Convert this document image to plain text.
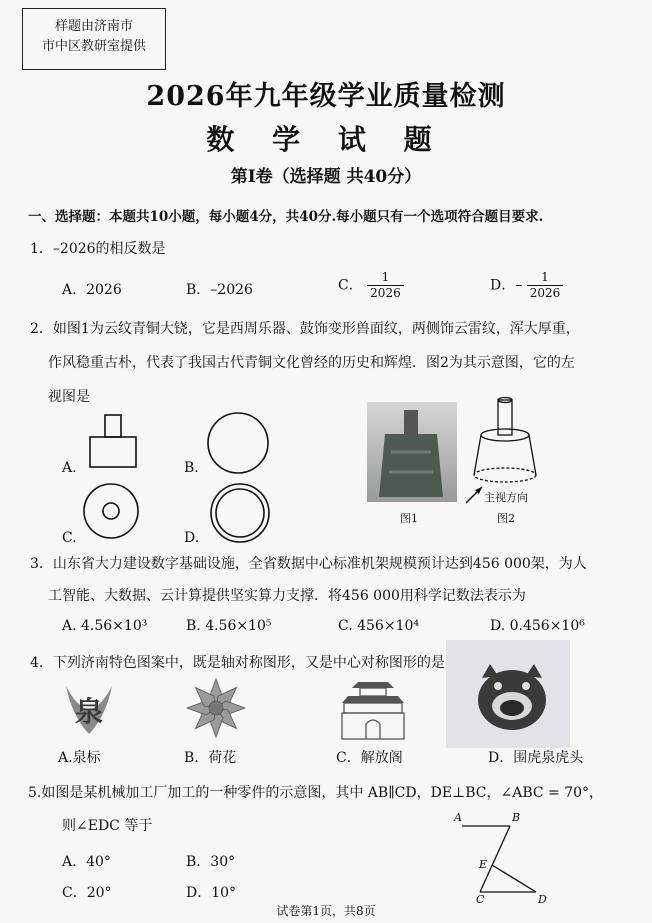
样题由济南市
市中区教研室提供
2026年九年级学业质量检测
数 学 试 题
第Ⅰ卷（选择题 共40分）
一、选择题：本题共10小题，每小题4分，共40分.每小题只有一个选项符合题目要求.
1．–2026的相反数是
A．2026	B．–2026	C． $\frac{1}{2026}$	D．– $\frac{1}{2026}$
2．如图1为云纹青铜大铙，它是西周乐器、鼓饰变形兽面纹，两侧饰云雷纹，浑大厚重，
作风稳重古朴，代表了我国古代青铜文化曾经的历史和辉煌．图2为其示意图，它的左
视图是
A.	B.
C.	D.
图1
主视方向
图2
3．山东省大力建设数字基础设施，全省数据中心标准机架规模预计达到456 000架，为人
工智能、大数据、云计算提供坚实算力支撑．将456 000用科学记数法表示为
A. 4.56×10³	B. 4.56×10⁵	C. 456×10⁴	D. 0.456×10⁶
4．下列济南特色图案中，既是轴对称图形，又是中心对称图形的是
泉
A.泉标	B．荷花	C．解放阁	D．围虎泉虎头
5.如图是某机械加工厂加工的一种零件的示意图，其中 AB∥CD，DE⊥BC，∠ABC = 70°，
则∠EDC 等于
A．40°	B．30°
C．20°	D．10°
A	B
E
C	D
试卷第1页，共8页
